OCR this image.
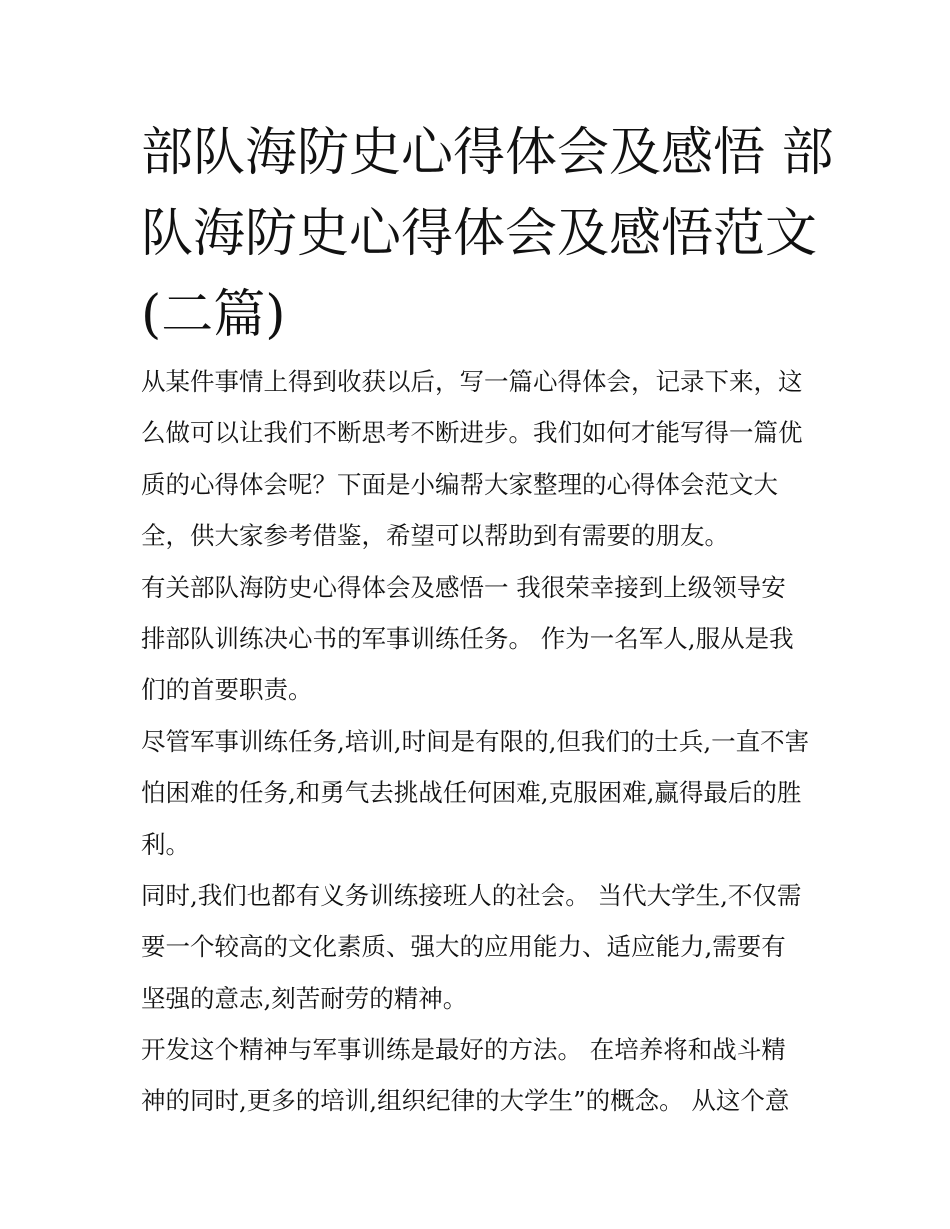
部队海防史心得体会及感悟 部
队海防史心得体会及感悟范文
(二篇)
从某件事情上得到收获以后，写一篇心得体会，记录下来，这
么做可以让我们不断思考不断进步。我们如何才能写得一篇优
质的心得体会呢？下面是小编帮大家整理的心得体会范文大
全，供大家参考借鉴，希望可以帮助到有需要的朋友。
有关部队海防史心得体会及感悟一 我很荣幸接到上级领导安
排部队训练决心书的军事训练任务。 作为一名军人,服从是我
们的首要职责。
尽管军事训练任务,培训,时间是有限的,但我们的士兵,一直不害
怕困难的任务,和勇气去挑战任何困难,克服困难,赢得最后的胜
利。
同时,我们也都有义务训练接班人的社会。 当代大学生,不仅需
要一个较高的文化素质、强大的应用能力、适应能力,需要有
坚强的意志,刻苦耐劳的精神。
开发这个精神与军事训练是最好的方法。 在培养将和战斗精
神的同时,更多的培训,组织纪律的大学生”的概念。 从这个意
